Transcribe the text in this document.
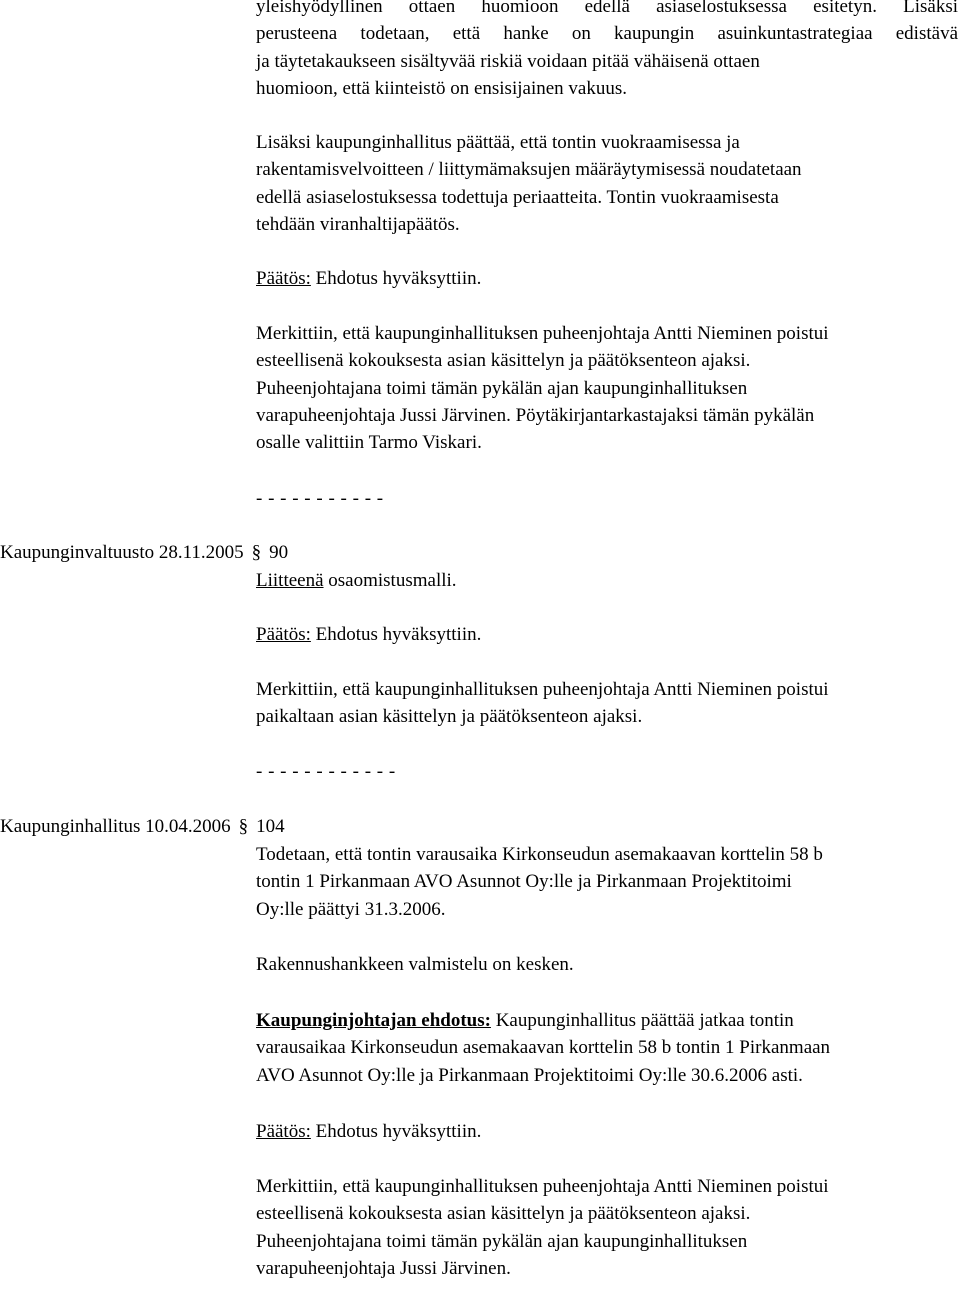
yleishyödyllinen ottaen huomioon edellä asiaselostuksessa esitetyn. Lisäksi
perusteena todetaan, että hanke on kaupungin asuinkuntastrategiaa edistävä
ja täytetakaukseen sisältyvää riskiä voidaan pitää vähäisenä ottaen
huomioon, että kiinteistö on ensisijainen vakuus.
Lisäksi kaupunginhallitus päättää, että tontin vuokraamisessa ja
rakentamisvelvoitteen / liittymämaksujen määräytymisessä noudatetaan
edellä asiaselostuksessa todettuja periaatteita. Tontin vuokraamisesta
tehdään viranhaltijapäätös.
Päätös: Ehdotus hyväksyttiin.
Merkittiin, että kaupunginhallituksen puheenjohtaja Antti Nieminen poistui
esteellisenä kokouksesta asian käsittelyn ja päätöksenteon ajaksi.
Puheenjohtajana toimi tämän pykälän ajan kaupunginhallituksen
varapuheenjohtaja Jussi Järvinen. Pöytäkirjantarkastajaksi tämän pykälän
osalle valittiin Tarmo Viskari.
- - - - - - - - - - -
Kaupunginvaltuusto 28.11.2005 § 90
Liitteenä osaomistusmalli.
Päätös: Ehdotus hyväksyttiin.
Merkittiin, että kaupunginhallituksen puheenjohtaja Antti Nieminen poistui
paikaltaan asian käsittelyn ja päätöksenteon ajaksi.
- - - - - - - - - - - -
Kaupunginhallitus 10.04.2006 § 104
Todetaan, että tontin varausaika Kirkonseudun asemakaavan korttelin 58 b
tontin 1 Pirkanmaan AVO Asunnot Oy:lle ja Pirkanmaan Projektitoimi
Oy:lle päättyi 31.3.2006.
Rakennushankkeen valmistelu on kesken.
Kaupunginjohtajan ehdotus: Kaupunginhallitus päättää jatkaa tontin
varausaikaa Kirkonseudun asemakaavan korttelin 58 b tontin 1 Pirkanmaan
AVO Asunnot Oy:lle ja Pirkanmaan Projektitoimi Oy:lle 30.6.2006 asti.
Päätös: Ehdotus hyväksyttiin.
Merkittiin, että kaupunginhallituksen puheenjohtaja Antti Nieminen poistui
esteellisenä kokouksesta asian käsittelyn ja päätöksenteon ajaksi.
Puheenjohtajana toimi tämän pykälän ajan kaupunginhallituksen
varapuheenjohtaja Jussi Järvinen.
